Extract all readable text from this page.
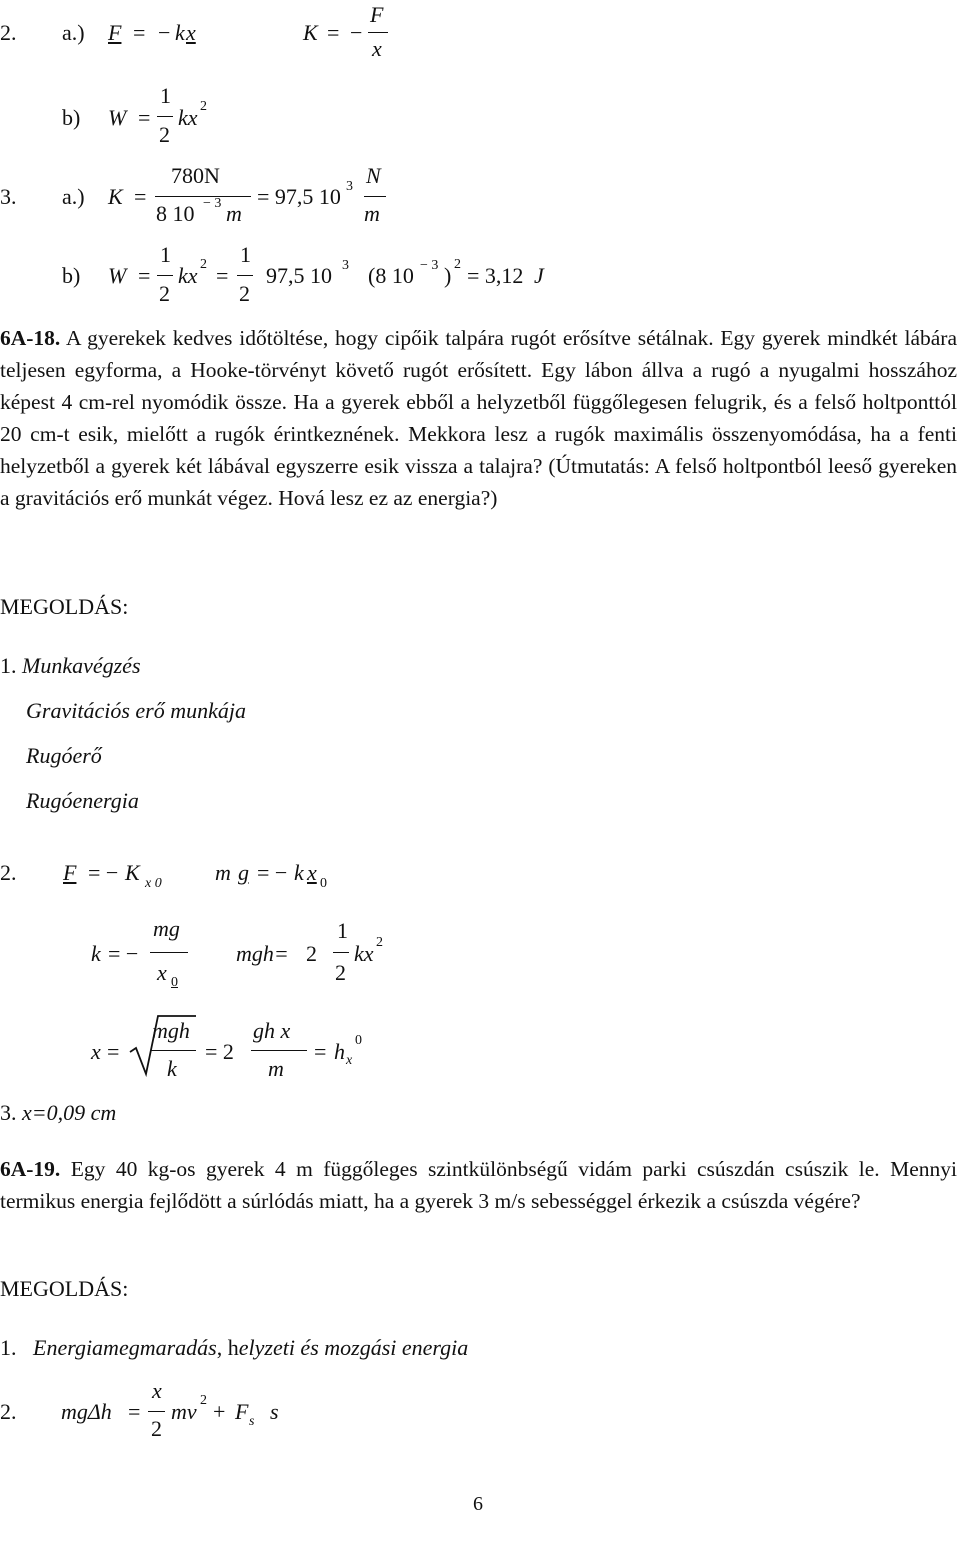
2. a.) F = − k x	K = −
F
x
b) W =
1
2
kx 2
3. a.) K =
780N
8 10 − 3 m
= 97,5 10 3 N
m
b) W =
1
2
kx 2 =
1
2
97,5 10 3 (8 10 − 3 ) 2 = 3,12 J

6A-18. A gyerekek kedves időtöltése, hogy cipőik talpára rugót erősítve sétálnak. Egy gyerek mindkét lábára teljesen egyforma, a Hooke-törvényt követő rugót erősített. Egy lábon állva a rugó a nyugalmi hosszához képest 4 cm-rel nyomódik össze. Ha a gyerek ebből a helyzetből függőlegesen felugrik, és a felső holtponttól 20 cm-t esik, mielőtt a rugók érintkeznének. Mekkora lesz a rugók maximális összenyomódása, ha a fenti helyzetből a gyerek két lábával egyszerre esik vissza a talajra? (Útmutatás: A felső holtpontból leeső gyereken a gravitációs erő munkát végez. Hová lesz ez az energia?)

MEGOLDÁS:
1. Munkavégzés
Gravitációs erő munkája
Rugóerő
Rugóenergia
2. F = − K x 0 m g = − k x 0
k = −
mg
x 0
mgh= 2
1
2
kx 2
x =
mgh
k
= 2
gh x
m
= h x
0
3. x=0,09 cm

6A-19. Egy 40 kg-os gyerek 4 m függőleges szintkülönbségű vidám parki csúszdán csúszik le. Mennyi termikus energia fejlődött a súrlódás miatt, ha a gyerek 3 m/s sebességgel érkezik a csúszda végére?

MEGOLDÁS:
1. Energiamegmaradás, helyzeti és mozgási energia
2. mgΔh =
x
2
mv 2 + F s s
6
